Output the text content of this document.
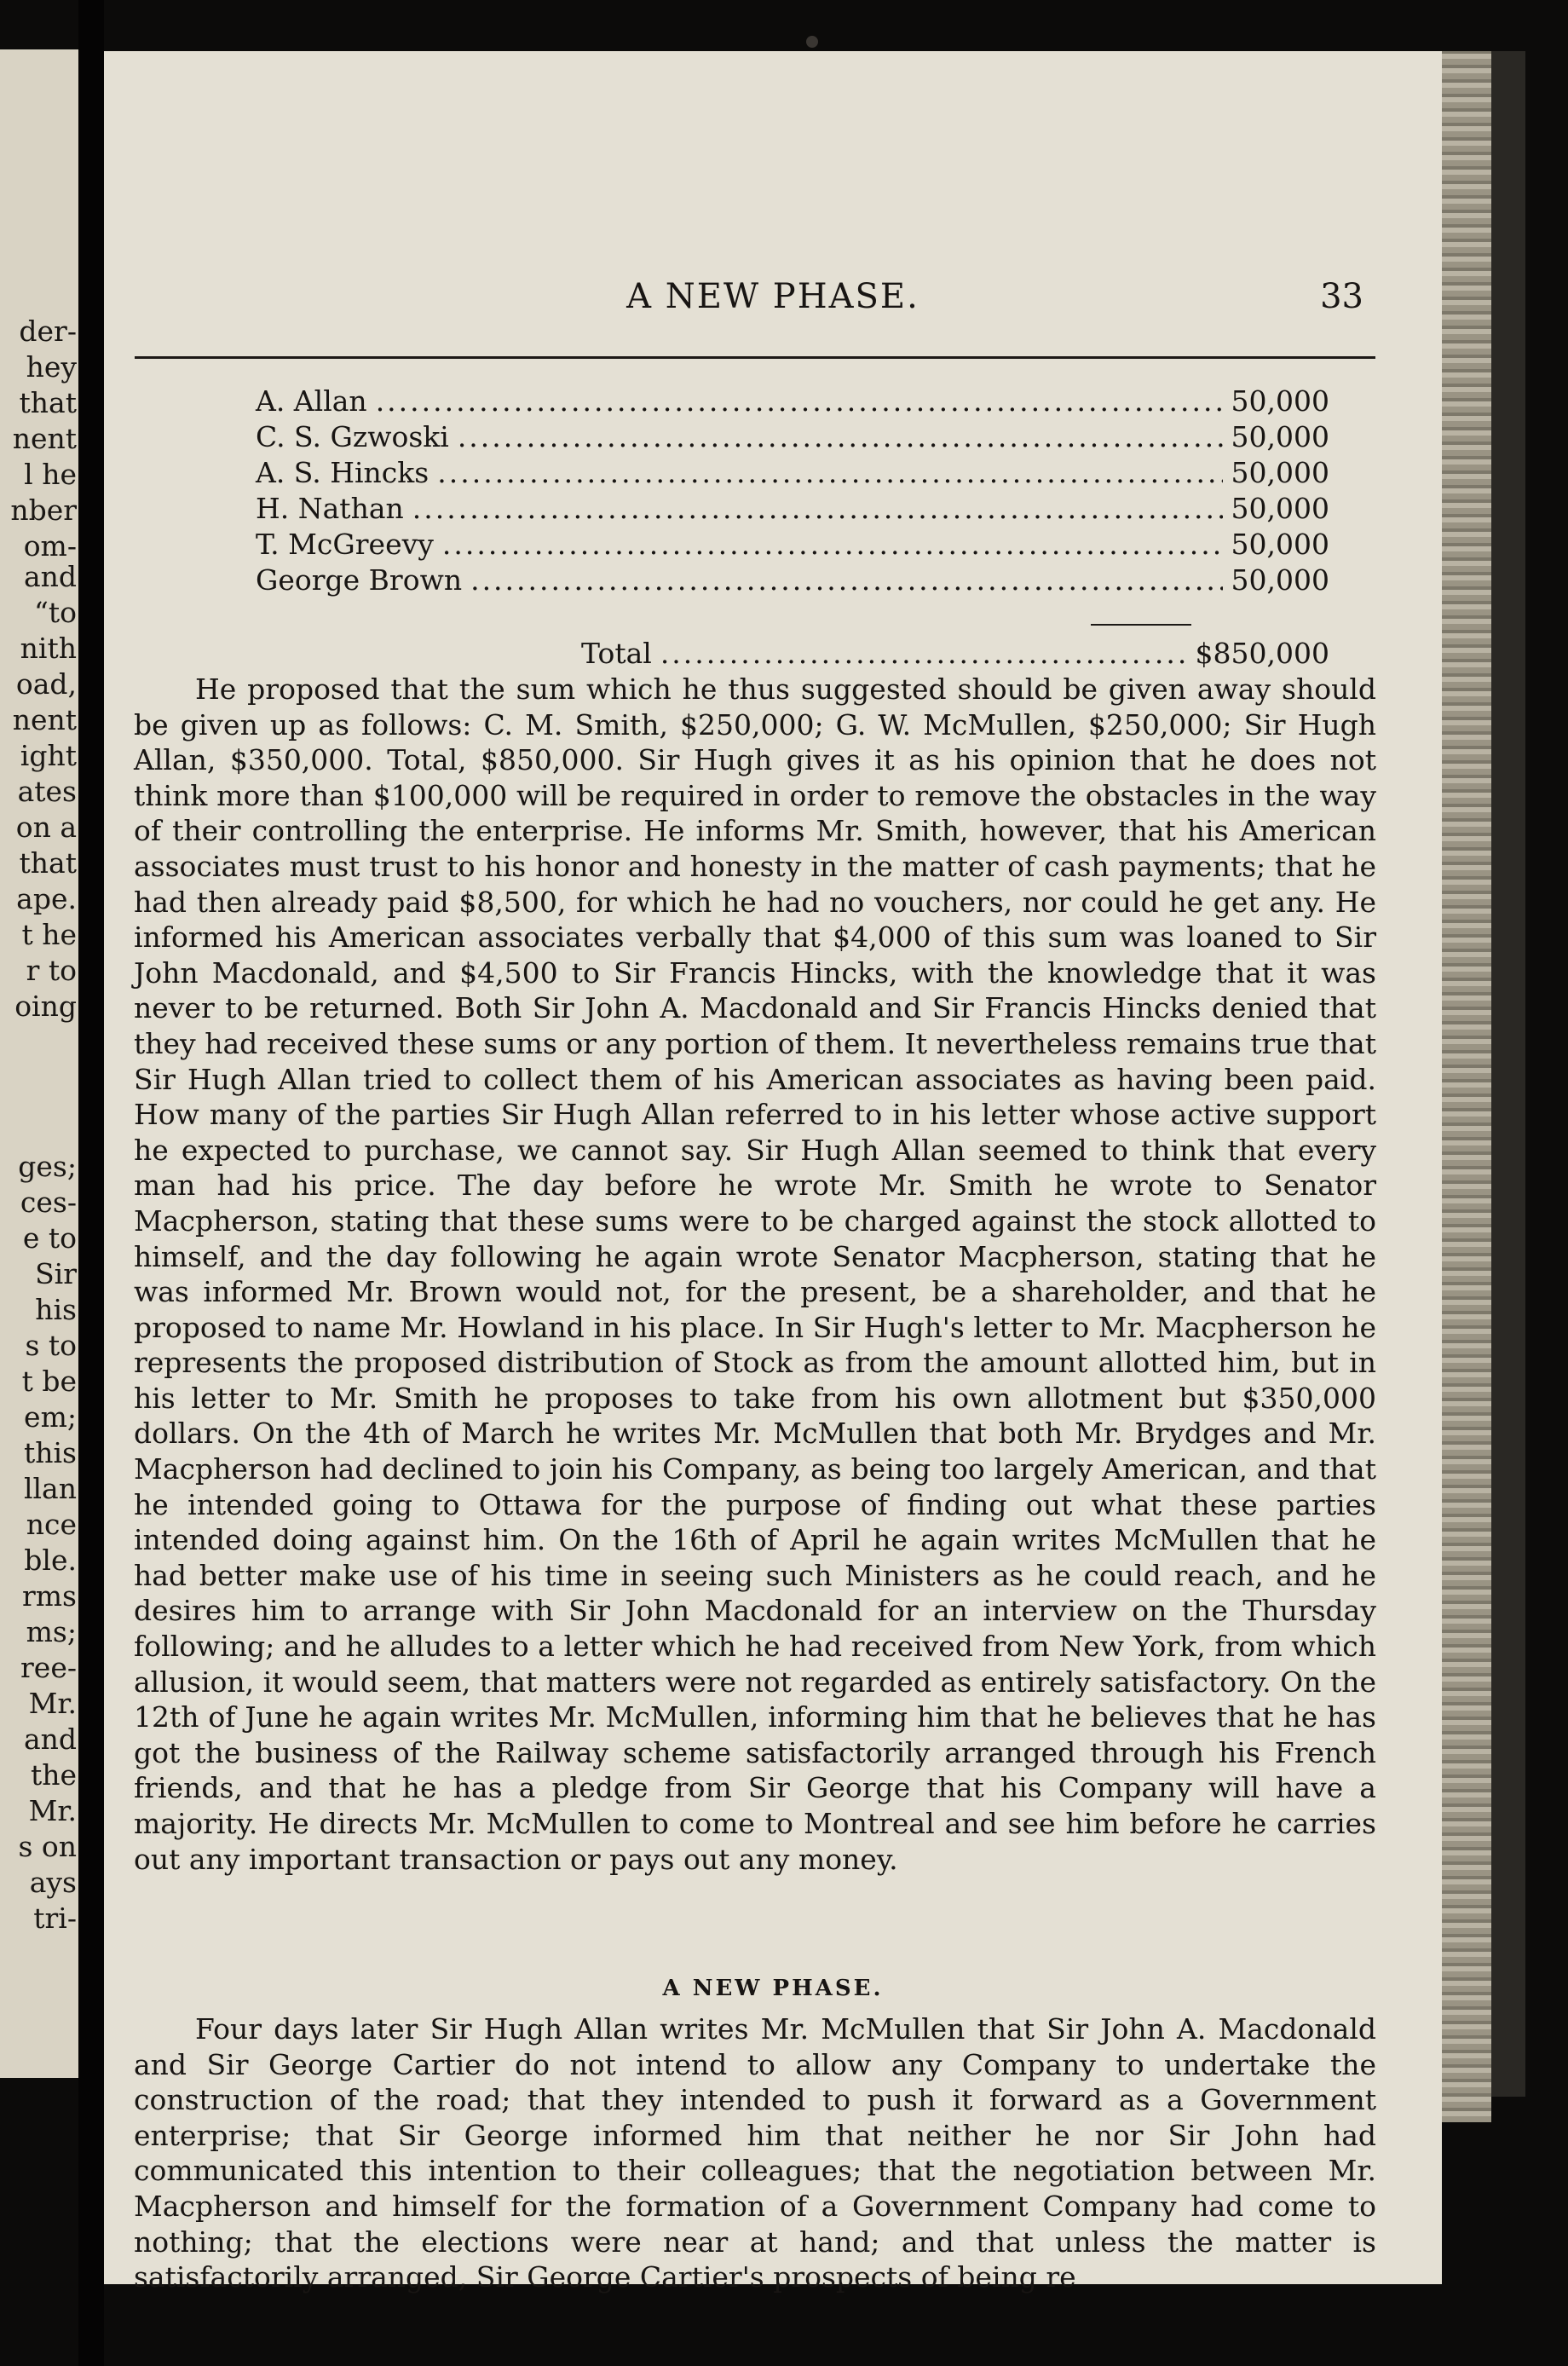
der-
hey
that
nent
l he
nber
om-
and
“to
nith
oad,
nent
ight
ates
on a
that
ape.
t he
r to
oing
ges;
ces-
e to
Sir
his
s to
t be
em;
this
llan
nce
ble.
rms
ms;
ree-
Mr.
and
the
Mr.
s on
ays
tri-
A NEW PHASE.	33
A. Allan .....	50,000
C. S. Gzwoski .....	50,000
A. S. Hincks .....	50,000
H. Nathan .....	50,000
T. McGreevy .....	50,000
George Brown .....	50,000
Total .....	$850,000

He proposed that the sum which he thus suggested should be given away should be given up as follows: C. M. Smith, $250,000; G. W. McMullen, $250,000; Sir Hugh Allan, $350,000. Total, $850,000. Sir Hugh gives it as his opinion that he does not think more than $100,000 will be required in order to remove the obstacles in the way of their controlling the enterprise. He informs Mr. Smith, however, that his American associates must trust to his honor and honesty in the matter of cash payments; that he had then already paid $8,500, for which he had no vouchers, nor could he get any. He informed his American associates verbally that $4,000 of this sum was loaned to Sir John Macdonald, and $4,500 to Sir Francis Hincks, with the knowledge that it was never to be returned. Both Sir John A. Macdonald and Sir Francis Hincks denied that they had received these sums or any portion of them. It nevertheless remains true that Sir Hugh Allan tried to collect them of his American associates as having been paid. How many of the parties Sir Hugh Allan referred to in his letter whose active support he expected to purchase, we cannot say. Sir Hugh Allan seemed to think that every man had his price. The day before he wrote Mr. Smith he wrote to Senator Macpherson, stating that these sums were to be charged against the stock allotted to himself, and the day following he again wrote Senator Macpherson, stating that he was informed Mr. Brown would not, for the present, be a shareholder, and that he proposed to name Mr. Howland in his place. In Sir Hugh's letter to Mr. Macpherson he represents the proposed distribution of Stock as from the amount allotted him, but in his letter to Mr. Smith he proposes to take from his own allotment but $350,000 dollars. On the 4th of March he writes Mr. McMullen that both Mr. Brydges and Mr. Macpherson had declined to join his Company, as being too largely American, and that he intended going to Ottawa for the purpose of finding out what these parties intended doing against him. On the 16th of April he again writes McMullen that he had better make use of his time in seeing such Ministers as he could reach, and he desires him to arrange with Sir John Macdonald for an interview on the Thursday following; and he alludes to a letter which he had received from New York, from which allusion, it would seem, that matters were not regarded as entirely satisfactory. On the 12th of June he again writes Mr. McMullen, informing him that he believes that he has got the business of the Railway scheme satisfactorily arranged through his French friends, and that he has a pledge from Sir George that his Company will have a majority. He directs Mr. McMullen to come to Montreal and see him before he carries out any important transaction or pays out any money.

A NEW PHASE.

Four days later Sir Hugh Allan writes Mr. McMullen that Sir John A. Macdonald and Sir George Cartier do not intend to allow any Company to undertake the construction of the road; that they intended to push it forward as a Government enterprise; that Sir George informed him that neither he nor Sir John had communicated this intention to their colleagues; that the negotiation between Mr. Macpherson and himself for the formation of a Government Company had come to nothing; that the elections were near at hand; and that unless the matter is satisfactorily arranged, Sir George Cartier's prospects of being re
